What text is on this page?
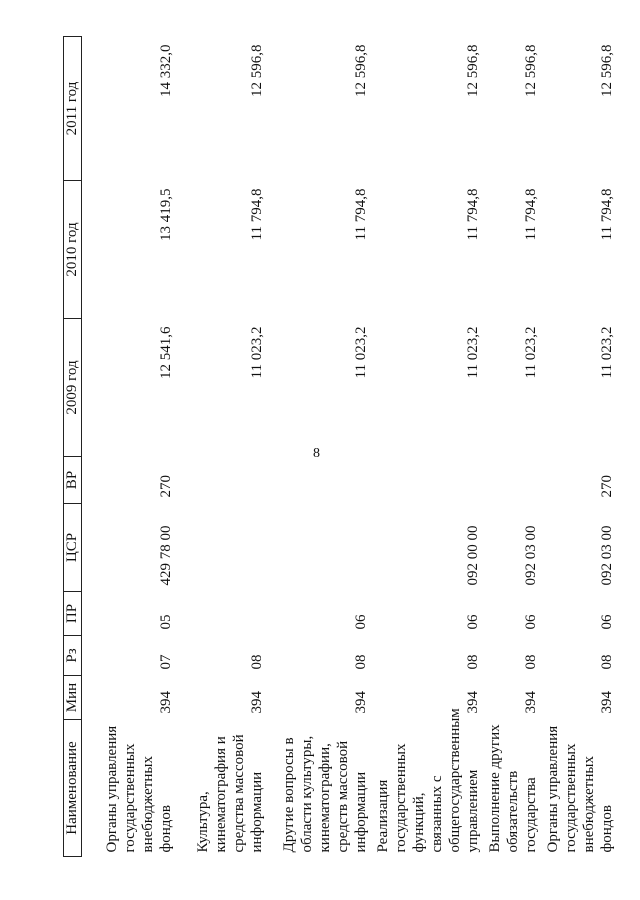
8
Наименование	Мин	Рз	ПР	ЦСР	ВР	2009 год	2010 год	2011 год
Органы управления государственных внебюджетных фондов	394	07	05	429 78 00	270	12 541,6	13 419,5	14 332,0
Культура, кинематография и средства массовой информации	394	08				11 023,2	11 794,8	12 596,8
Другие вопросы в области культуры, кинематографии, средств массовой информации	394	08	06			11 023,2	11 794,8	12 596,8
Реализация государственных функций, связанных с общегосударственным управлением	394	08	06	092 00 00		11 023,2	11 794,8	12 596,8
Выполнение других обязательств государства	394	08	06	092 03 00		11 023,2	11 794,8	12 596,8
Органы управления государственных внебюджетных фондов	394	08	06	092 03 00	270	11 023,2	11 794,8	12 596,8
